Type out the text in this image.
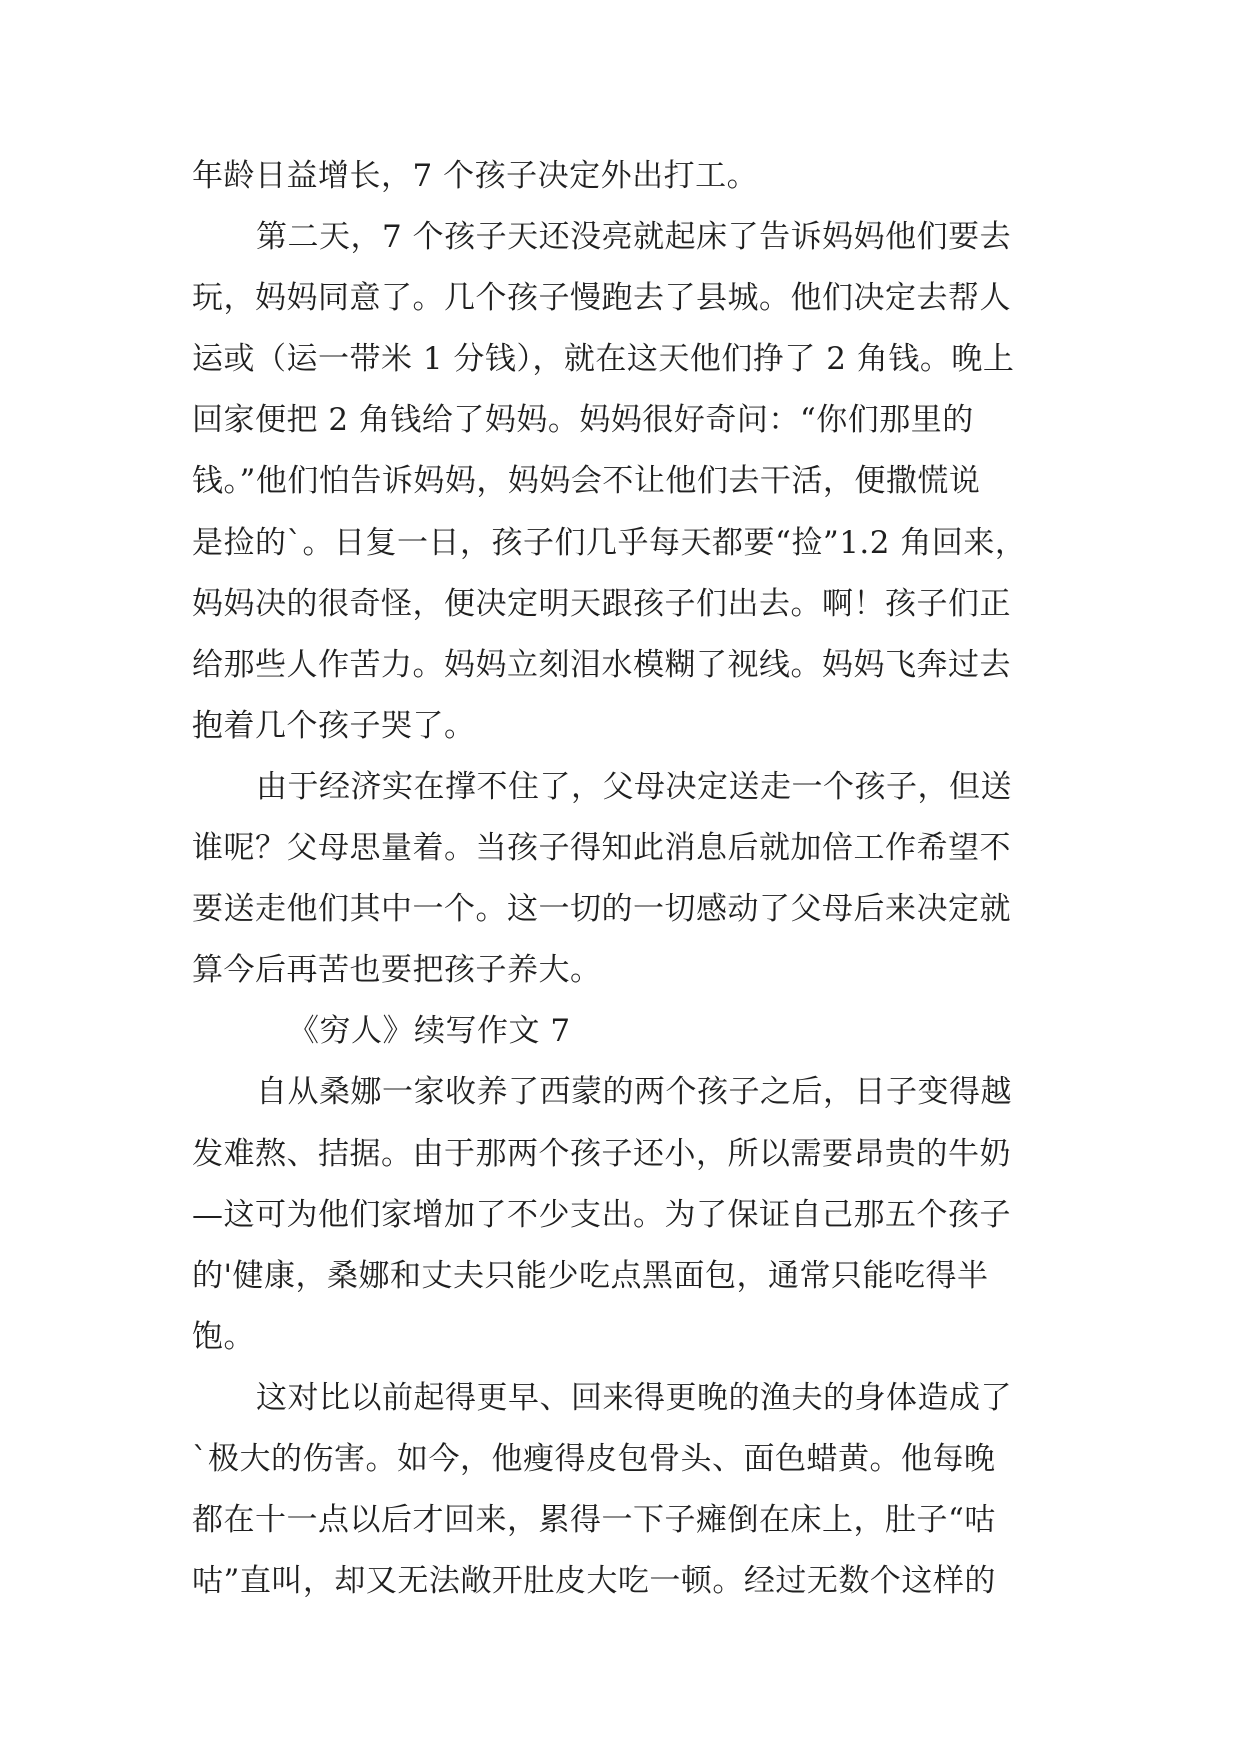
年龄日益增长，7 个孩子决定外出打工。

第二天，7 个孩子天还没亮就起床了告诉妈妈他们要去

玩，妈妈同意了。几个孩子慢跑去了县城。他们决定去帮人

运或（运一带米 1 分钱），就在这天他们挣了 2 角钱。晚上

回家便把 2 角钱给了妈妈。妈妈很好奇问：“你们那里的

钱。”他们怕告诉妈妈，妈妈会不让他们去干活，便撒慌说

是捡的`。日复一日，孩子们几乎每天都要“捡”1.2 角回来，

妈妈决的很奇怪，便决定明天跟孩子们出去。啊！孩子们正

给那些人作苦力。妈妈立刻泪水模糊了视线。妈妈飞奔过去

抱着几个孩子哭了。

由于经济实在撑不住了，父母决定送走一个孩子，但送

谁呢？父母思量着。当孩子得知此消息后就加倍工作希望不

要送走他们其中一个。这一切的一切感动了父母后来决定就

算今后再苦也要把孩子养大。

《穷人》续写作文 7

自从桑娜一家收养了西蒙的两个孩子之后，日子变得越

发难熬、拮据。由于那两个孩子还小，所以需要昂贵的牛奶

—这可为他们家增加了不少支出。为了保证自己那五个孩子

的'健康，桑娜和丈夫只能少吃点黑面包，通常只能吃得半

饱。

这对比以前起得更早、回来得更晚的渔夫的身体造成了

`极大的伤害。如今，他瘦得皮包骨头、面色蜡黄。他每晚

都在十一点以后才回来，累得一下子瘫倒在床上，肚子“咕

咕”直叫，却又无法敞开肚皮大吃一顿。经过无数个这样的
